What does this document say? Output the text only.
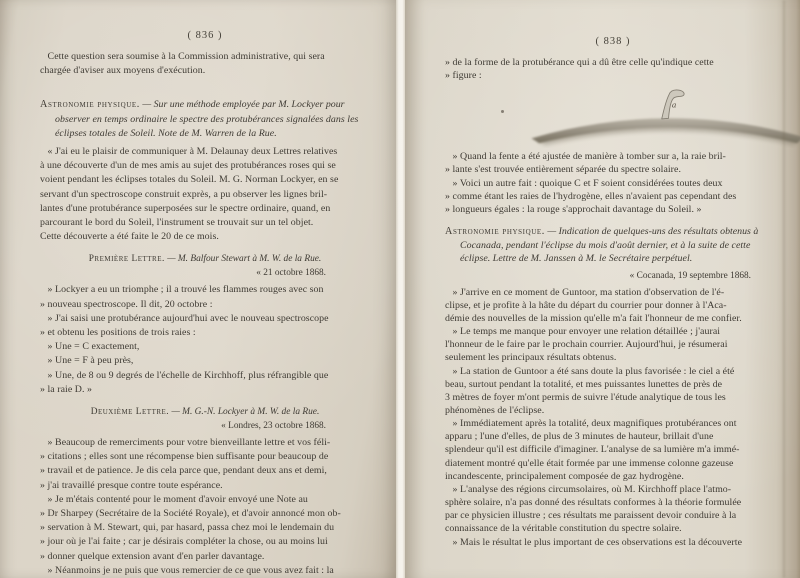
( 836 )
Cette question sera soumise à la Commission administrative, qui sera
chargée d'aviser aux moyens d'exécution.
Astronomie physique. — Sur une méthode employée par M. Lockyer pour
observer en temps ordinaire le spectre des protubérances signalées dans les
éclipses totales de Soleil. Note de M. Warren de la Rue.
« J'ai eu le plaisir de communiquer à M. Delaunay deux Lettres relatives
à une découverte d'un de mes amis au sujet des protubérances roses qui se
voient pendant les éclipses totales du Soleil. M. G. Norman Lockyer, en se
servant d'un spectroscope construit exprès, a pu observer les lignes bril-
lantes d'une protubérance superposées sur le spectre ordinaire, quand, en
parcourant le bord du Soleil, l'instrument se trouvait sur un tel objet.
Cette découverte a été faite le 20 de ce mois.
Première Lettre. — M. Balfour Stewart à M. W. de la Rue.
« 21 octobre 1868.
» Lockyer a eu un triomphe ; il a trouvé les flammes rouges avec son
» nouveau spectroscope. Il dit, 20 octobre :
» J'ai saisi une protubérance aujourd'hui avec le nouveau spectroscope
» et obtenu les positions de trois raies :
» Une = C exactement,
» Une = F à peu près,
» Une, de 8 ou 9 degrés de l'échelle de Kirchhoff, plus réfrangible que
» la raie D. »
Deuxième Lettre. — M. G.-N. Lockyer à M. W. de la Rue.
« Londres, 23 octobre 1868.
» Beaucoup de remerciments pour votre bienveillante lettre et vos féli-
» citations ; elles sont une récompense bien suffisante pour beaucoup de
» travail et de patience. Je dis cela parce que, pendant deux ans et demi,
» j'ai travaillé presque contre toute espérance.
» Je m'étais contenté pour le moment d'avoir envoyé une Note au
» Dr Sharpey (Secrétaire de la Société Royale), et d'avoir annoncé mon ob-
» servation à M. Stewart, qui, par hasard, passa chez moi le lendemain du
» jour où je l'ai faite ; car je désirais compléter la chose, ou au moins lui
» donner quelque extension avant d'en parler davantage.
» Néanmoins je ne puis que vous remercier de ce que vous avez fait : la
( 838 )
» de la forme de la protubérance qui a dû être celle qu'indique cette
» figure :
a
» Quand la fente a été ajustée de manière à tomber sur a, la raie bril-
» lante s'est trouvée entièrement séparée du spectre solaire.
» Voici un autre fait : quoique C et F soient considérées toutes deux
» comme étant les raies de l'hydrogène, elles n'avaient pas cependant des
» longueurs égales : la rouge s'approchait davantage du Soleil. »
Astronomie physique. — Indication de quelques-uns des résultats obtenus à
Cocanada, pendant l'éclipse du mois d'août dernier, et à la suite de cette
éclipse. Lettre de M. Janssen à M. le Secrétaire perpétuel.
« Cocanada, 19 septembre 1868.
» J'arrive en ce moment de Guntoor, ma station d'observation de l'é-
clipse, et je profite à la hâte du départ du courrier pour donner à l'Aca-
démie des nouvelles de la mission qu'elle m'a fait l'honneur de me confier.
» Le temps me manque pour envoyer une relation détaillée ; j'aurai
l'honneur de le faire par le prochain courrier. Aujourd'hui, je résumerai
seulement les principaux résultats obtenus.
» La station de Guntoor a été sans doute la plus favorisée : le ciel a été
beau, surtout pendant la totalité, et mes puissantes lunettes de près de
3 mètres de foyer m'ont permis de suivre l'étude analytique de tous les
phénomènes de l'éclipse.
» Immédiatement après la totalité, deux magnifiques protubérances ont
apparu ; l'une d'elles, de plus de 3 minutes de hauteur, brillait d'une
splendeur qu'il est difficile d'imaginer. L'analyse de sa lumière m'a immé-
diatement montré qu'elle était formée par une immense colonne gazeuse
incandescente, principalement composée de gaz hydrogène.
» L'analyse des régions circumsolaires, où M. Kirchhoff place l'atmo-
sphère solaire, n'a pas donné des résultats conformes à la théorie formulée
par ce physicien illustre ; ces résultats me paraissent devoir conduire à la
connaissance de la véritable constitution du spectre solaire.
» Mais le résultat le plus important de ces observations est la découverte
